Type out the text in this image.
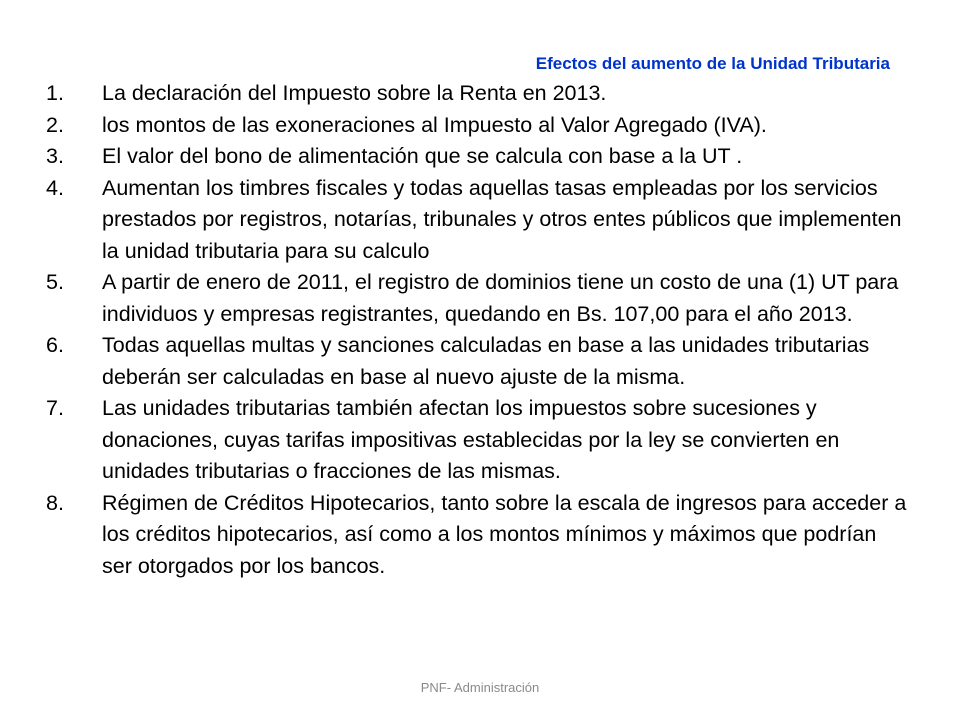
Efectos del aumento de la Unidad Tributaria
1.	La declaración del Impuesto sobre la Renta en 2013.
2.	los montos de las exoneraciones al Impuesto al Valor Agregado (IVA).
3.	El valor del bono de alimentación que se calcula con base a la UT .
4.	Aumentan los timbres fiscales y todas aquellas tasas empleadas por los servicios prestados por registros, notarías, tribunales y otros entes públicos que implementen la unidad tributaria para su calculo
5.	A partir de enero de 2011, el registro de dominios tiene un costo de una (1) UT para individuos y empresas registrantes, quedando en Bs. 107,00 para el año 2013.
6.	Todas aquellas multas y sanciones calculadas en base a las unidades tributarias deberán ser calculadas en base al nuevo ajuste de la misma.
7.	Las unidades tributarias también afectan los impuestos sobre sucesiones y donaciones, cuyas tarifas impositivas establecidas por la ley se convierten en unidades tributarias o fracciones de las mismas.
8.	Régimen de Créditos Hipotecarios, tanto sobre la escala de ingresos para acceder a los créditos hipotecarios, así como a los montos mínimos y máximos que podrían ser otorgados por los bancos.
PNF- Administración
